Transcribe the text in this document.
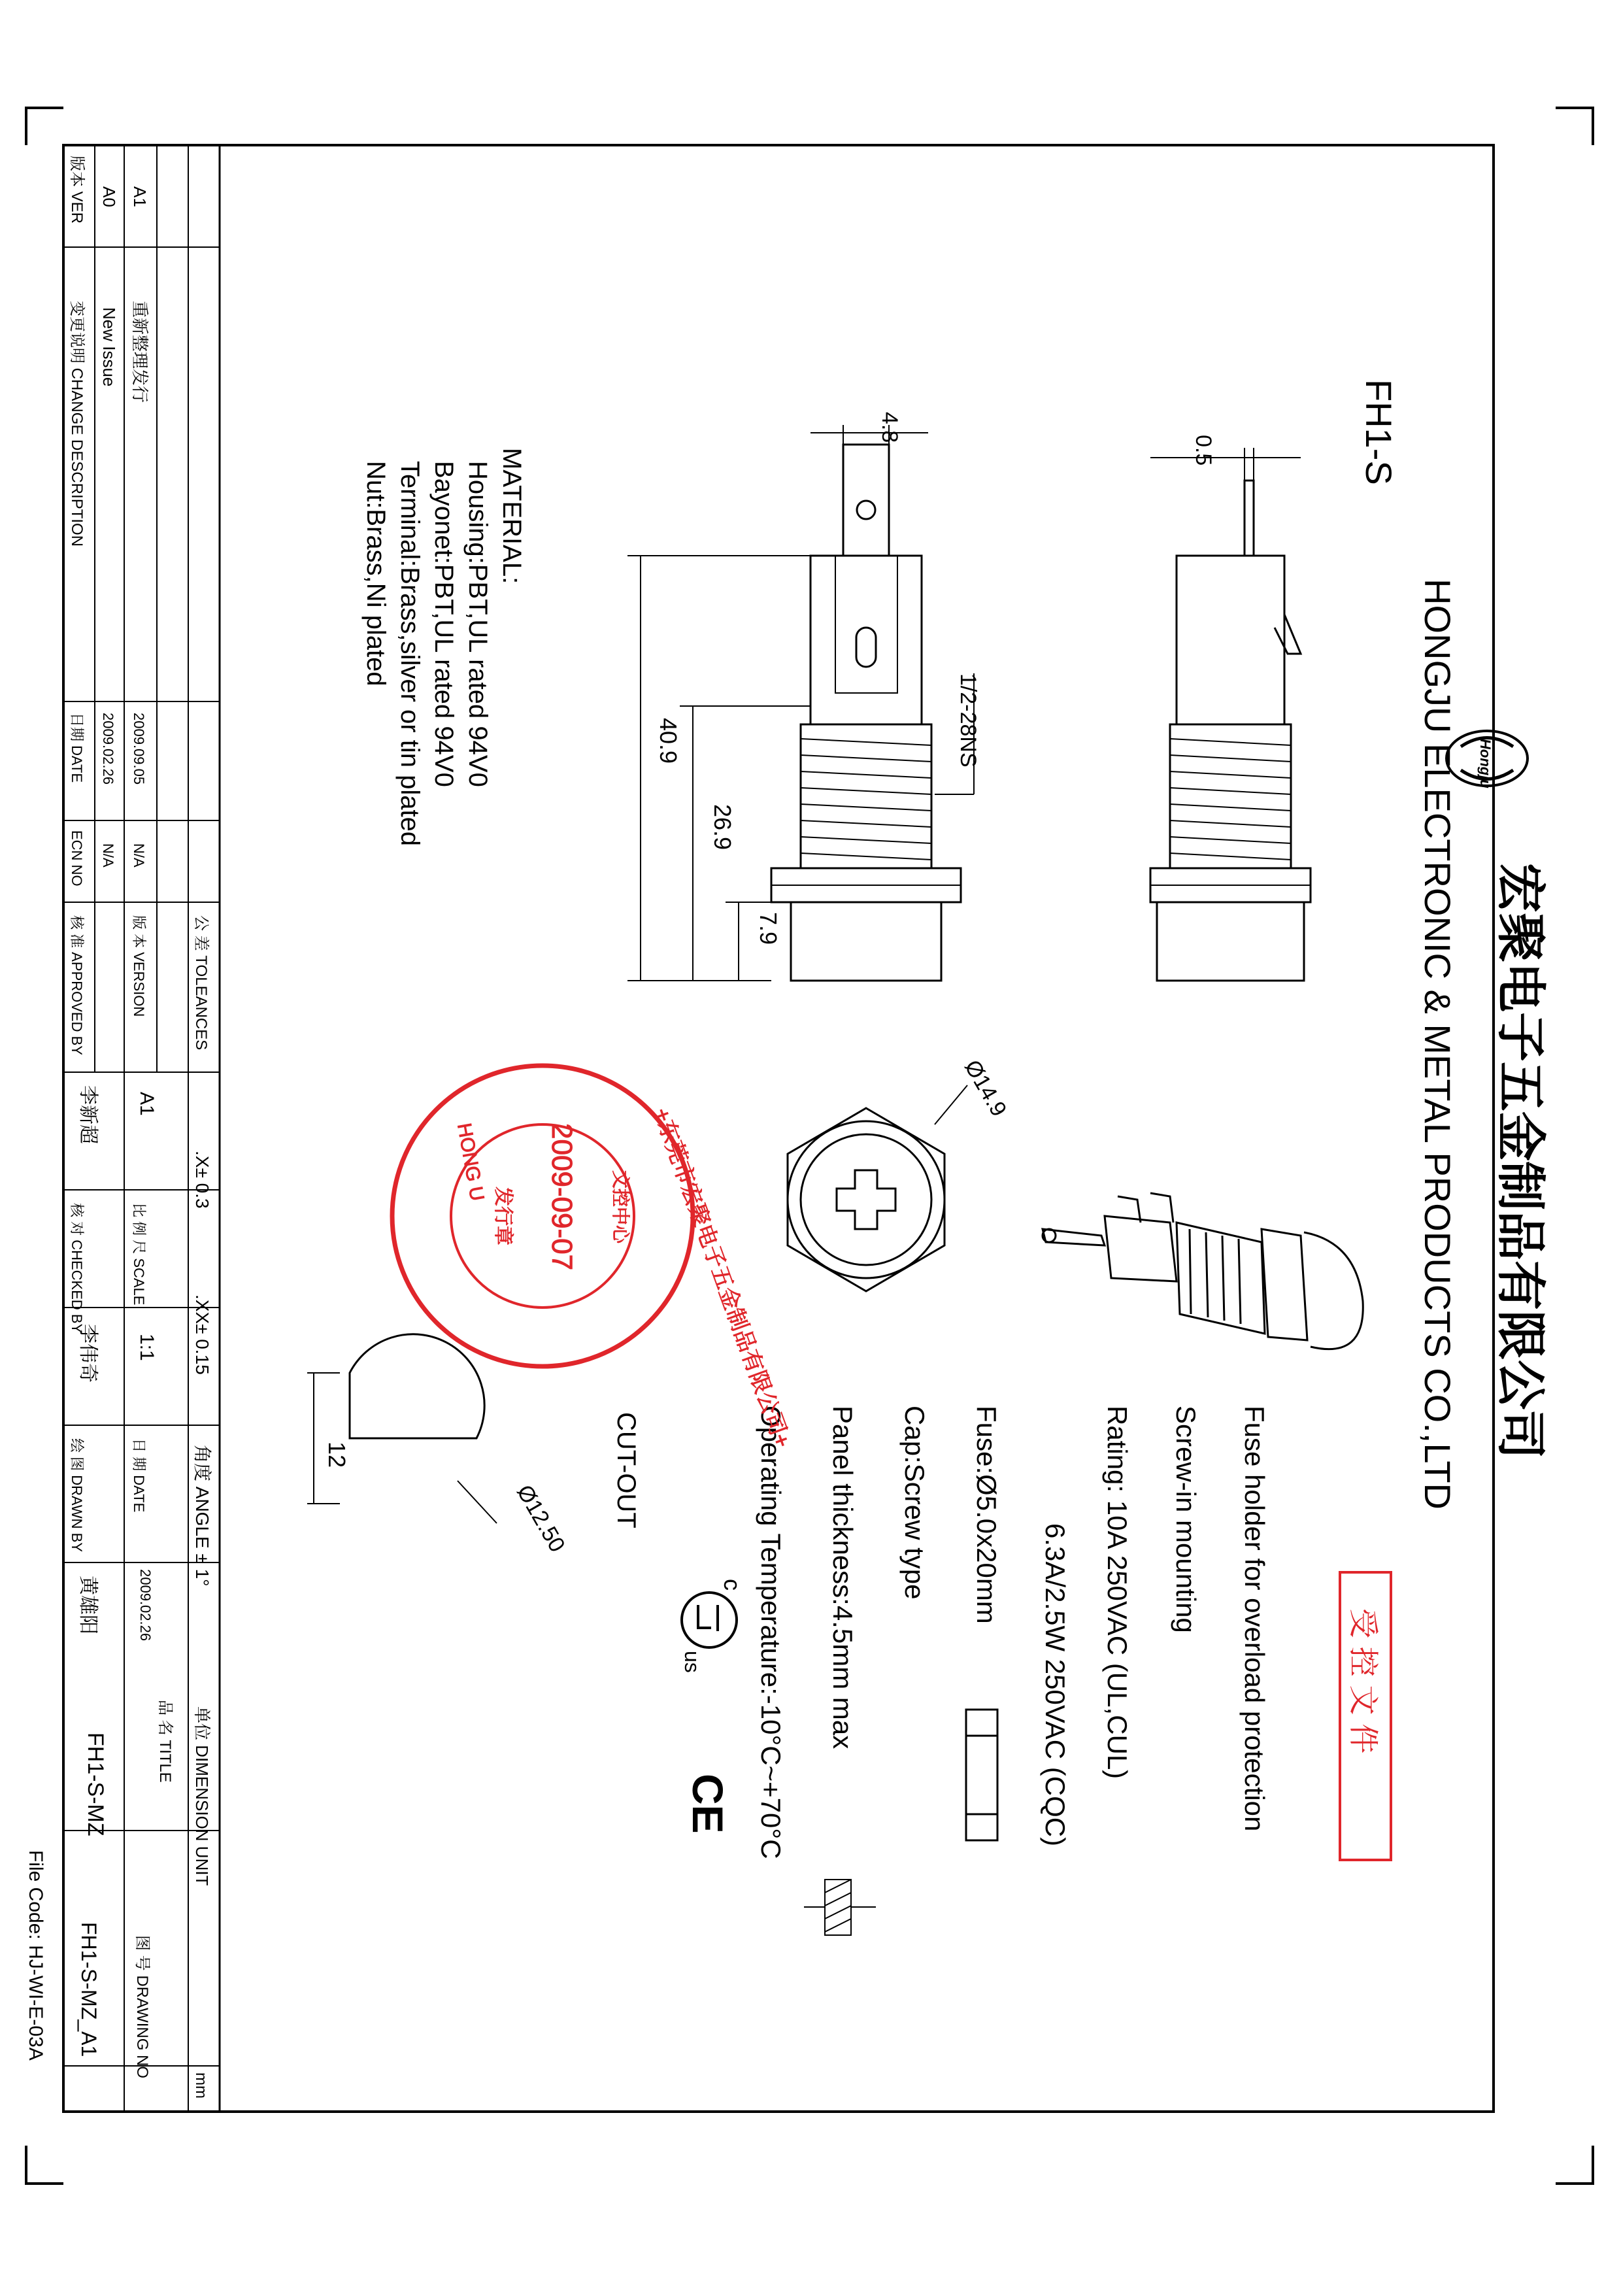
版本 VER
变更说明 CHANGE DESCRIPTION
日期 DATE
ECN NO
A0
New Issue
2009.02.26
N/A
A1
重新整理发行
2009.09.05
N/A
核 准 APPROVED BY
李新超
核 对 CHECKED BY
李伟奇
绘 图 DRAWN BY
黄雄阳
版 本 VERSION
A1
比 例 尺 SCALE
1:1
日 期 DATE
2009.02.26
公 差 TOLEANCES
.X± 0.3
.XX± 0.15
角度 ANGLE ± 1°
品 名 TITLE
FH1-S-MZ	单位 DIMENSION UNIT
mm
图 号 DRAWING NO
FH1-S-MZ_A1
File Code: HJ-WI-E-03A
FH1-S
HONGJU ELECTRONIC & METAL PRODUCTS CO.,LTD 宏聚电子五金制品有限公司
Hongju
受 控 文 件
4.8
0.5
1/2-28NS
40.9
26.9
7.9
MATERIAL:
Housing:PBT,UL rated 94V0
Bayonet:PBT,UL rated 94V0
Terminal:Brass,silver or tin plated
Nut:Brass,Ni plated
Ø14.9
Fuse holder for overload protection
Screw-in mounting
Rating: 10A 250VAC (UL,CUL)
6.3A/2.5W 250VAC (CQC)
Fuse:Ø5.0x20mm
Cap:Screw type
Panel thickness:4.5mm max
Operating Temperature:-10°C~+70°C
c
us
CE
CUT-OUT
12
Ø12.50
2009-09-07 文控中心
发行章
HONG U	+东莞市宏聚电子五金制品有限公司+
